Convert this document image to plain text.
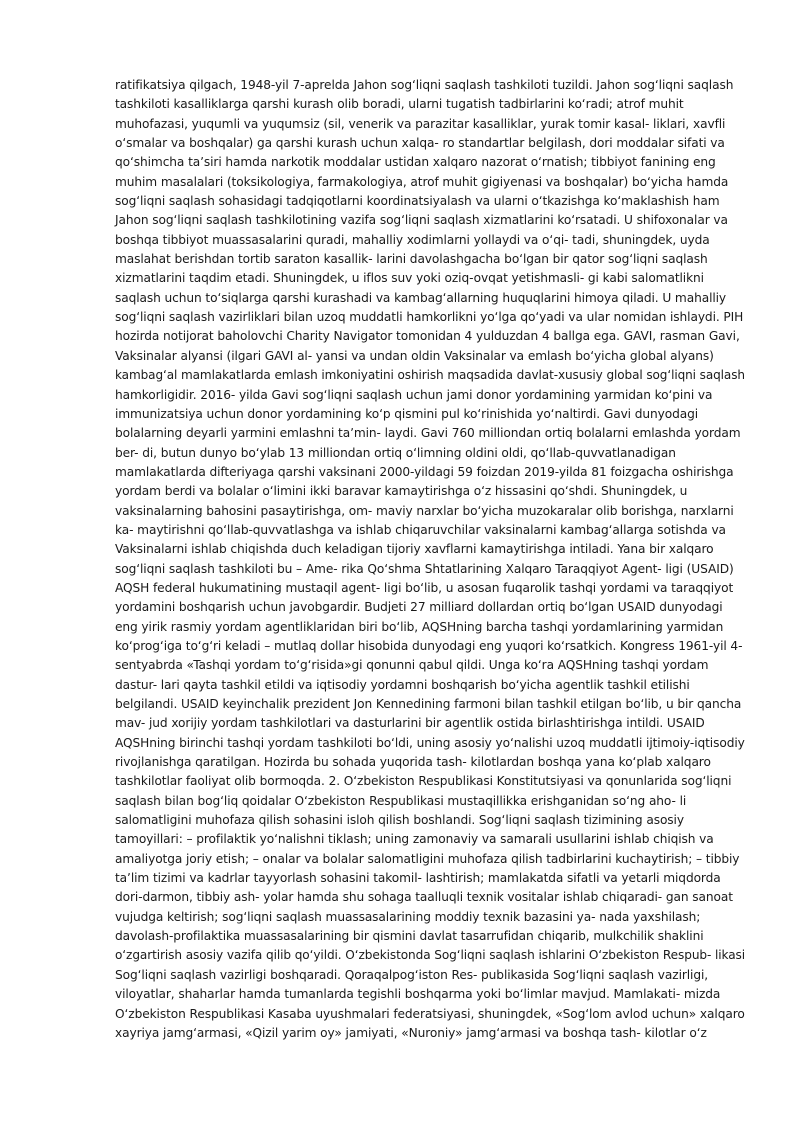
ratifikatsiya qilgach, 1948-yil 7-aprelda Jahon sogʻliqni saqlash tashkiloti tuzildi. Jahon sogʻliqni saqlash
tashkiloti kasalliklarga qarshi kurash olib boradi, ularni tugatish tadbirlarini koʻradi; atrof muhit
muhofazasi, yuqumli va yuqumsiz (sil, venerik va parazitar kasalliklar, yurak tomir kasal- liklari, xavfli
oʻsmalar va boshqalar) ga qarshi kurash uchun xalqa- ro standartlar belgilash, dori moddalar sifati va
qoʻshimcha taʼsiri hamda narkotik moddalar ustidan xalqaro nazorat oʻrnatish; tibbiyot fanining eng
muhim masalalari (toksikologiya, farmakologiya, atrof muhit gigiyenasi va boshqalar) boʻyicha hamda
sogʻliqni saqlash sohasidagi tadqiqotlarni koordinatsiyalash va ularni oʻtkazishga koʻmaklashish ham
Jahon sogʻliqni saqlash tashkilotining vazifa sogʻliqni saqlash xizmatlarini koʻrsatadi. U shifoxonalar va
boshqa tibbiyot muassasalarini quradi, mahalliy xodimlarni yollaydi va oʻqi- tadi, shuningdek, uyda
maslahat berishdan tortib saraton kasallik- larini davolashgacha boʻlgan bir qator sogʻliqni saqlash
xizmatlarini taqdim etadi. Shuningdek, u iflos suv yoki oziq-ovqat yetishmasli- gi kabi salomatlikni
saqlash uchun toʻsiqlarga qarshi kurashadi va kambagʻallarning huquqlarini himoya qiladi. U mahalliy
sogʻliqni saqlash vazirliklari bilan uzoq muddatli hamkorlikni yoʻlga qoʻyadi va ular nomidan ishlaydi. PIH
hozirda notijorat baholovchi Charity Navigator tomonidan 4 yulduzdan 4 ballga ega. GAVI, rasman Gavi,
Vaksinalar alyansi (ilgari GAVI al- yansi va undan oldin Vaksinalar va emlash boʻyicha global alyans)
kambagʻal mamlakatlarda emlash imkoniyatini oshirish maqsadida davlat-xususiy global sogʻliqni saqlash
hamkorligidir. 2016- yilda Gavi sogʻliqni saqlash uchun jami donor yordamining yarmidan koʻpini va
immunizatsiya uchun donor yordamining koʻp qismini pul koʻrinishida yoʻnaltirdi. Gavi dunyodagi
bolalarning deyarli yarmini emlashni taʼmin- laydi. Gavi 760 milliondan ortiq bolalarni emlashda yordam
ber- di, butun dunyo boʻylab 13 milliondan ortiq oʻlimning oldini oldi, qoʻllab-quvvatlanadigan
mamlakatlarda difteriyaga qarshi vaksinani 2000-yildagi 59 foizdan 2019-yilda 81 foizgacha oshirishga
yordam berdi va bolalar oʻlimini ikki baravar kamaytirishga oʻz hissasini qoʻshdi. Shuningdek, u
vaksinalarning bahosini pasaytirishga, om- maviy narxlar boʻyicha muzokaralar olib borishga, narxlarni
ka- maytirishni qoʻllab-quvvatlashga va ishlab chiqaruvchilar vaksinalarni kambagʻallarga sotishda va
Vaksinalarni ishlab chiqishda duch keladigan tijoriy xavflarni kamaytirishga intiladi. Yana bir xalqaro
sogʻliqni saqlash tashkiloti bu – Ame- rika Qoʻshma Shtatlarining Xalqaro Taraqqiyot Agent- ligi (USAID)
AQSH federal hukumatining mustaqil agent- ligi boʻlib, u asosan fuqarolik tashqi yordami va taraqqiyot
yordamini boshqarish uchun javobgardir. Budjeti 27 milliard dollardan ortiq boʻlgan USAID dunyodagi
eng yirik rasmiy yordam agentliklaridan biri boʻlib, AQSHning barcha tashqi yordamlarining yarmidan
koʻprogʻiga toʻgʻri keladi – mutlaq dollar hisobida dunyodagi eng yuqori koʻrsatkich. Kongress 1961-yil 4-
sentyabrda «Tashqi yordam toʻgʻrisida»gi qonunni qabul qildi. Unga koʻra AQSHning tashqi yordam
dastur- lari qayta tashkil etildi va iqtisodiy yordamni boshqarish boʻyicha agentlik tashkil etilishi
belgilandi. USAID keyinchalik prezident Jon Kennedining farmoni bilan tashkil etilgan boʻlib, u bir qancha
mav- jud xorijiy yordam tashkilotlari va dasturlarini bir agentlik ostida birlashtirishga intildi. USAID
AQSHning birinchi tashqi yordam tashkiloti boʻldi, uning asosiy yoʻnalishi uzoq muddatli ijtimoiy-iqtisodiy
rivojlanishga qaratilgan. Hozirda bu sohada yuqorida tash- kilotlardan boshqa yana koʻplab xalqaro
tashkilotlar faoliyat olib bormoqda. 2. Oʻzbekiston Respublikasi Konstitutsiyasi va qonunlarida sogʻliqni
saqlash bilan bogʻliq qoidalar Oʻzbekiston Respublikasi mustaqillikka erishganidan soʻng aho- li
salomatligini muhofaza qilish sohasini isloh qilish boshlandi. Sogʻliqni saqlash tizimining asosiy
tamoyillari: – profilaktik yoʻnalishni tiklash; uning zamonaviy va samarali usullarini ishlab chiqish va
amaliyotga joriy etish; – onalar va bolalar salomatligini muhofaza qilish tadbirlarini kuchaytirish; – tibbiy
taʼlim tizimi va kadrlar tayyorlash sohasini takomil- lashtirish; mamlakatda sifatli va yetarli miqdorda
dori-darmon, tibbiy ash- yolar hamda shu sohaga taalluqli texnik vositalar ishlab chiqaradi- gan sanoat
vujudga keltirish; sogʻliqni saqlash muassasalarining moddiy texnik bazasini ya- nada yaxshilash;
davolash-profilaktika muassasalarining bir qismini davlat tasarrufidan chiqarib, mulkchilik shaklini
oʻzgartirish asosiy vazifa qilib qoʻyildi. Oʻzbekistonda Sogʻliqni saqlash ishlarini Oʻzbekiston Respub- likasi
Sogʻliqni saqlash vazirligi boshqaradi. Qoraqalpogʻiston Res- publikasida Sogʻliqni saqlash vazirligi,
viloyatlar, shaharlar hamda tumanlarda tegishli boshqarma yoki boʻlimlar mavjud. Mamlakati- mizda
Oʻzbekiston Respublikasi Kasaba uyushmalari federatsiyasi, shuningdek, «Sogʻlom avlod uchun» xalqaro
xayriya jamgʻarmasi, «Qizil yarim oy» jamiyati, «Nuroniy» jamgʻarmasi va boshqa tash- kilotlar oʻz
